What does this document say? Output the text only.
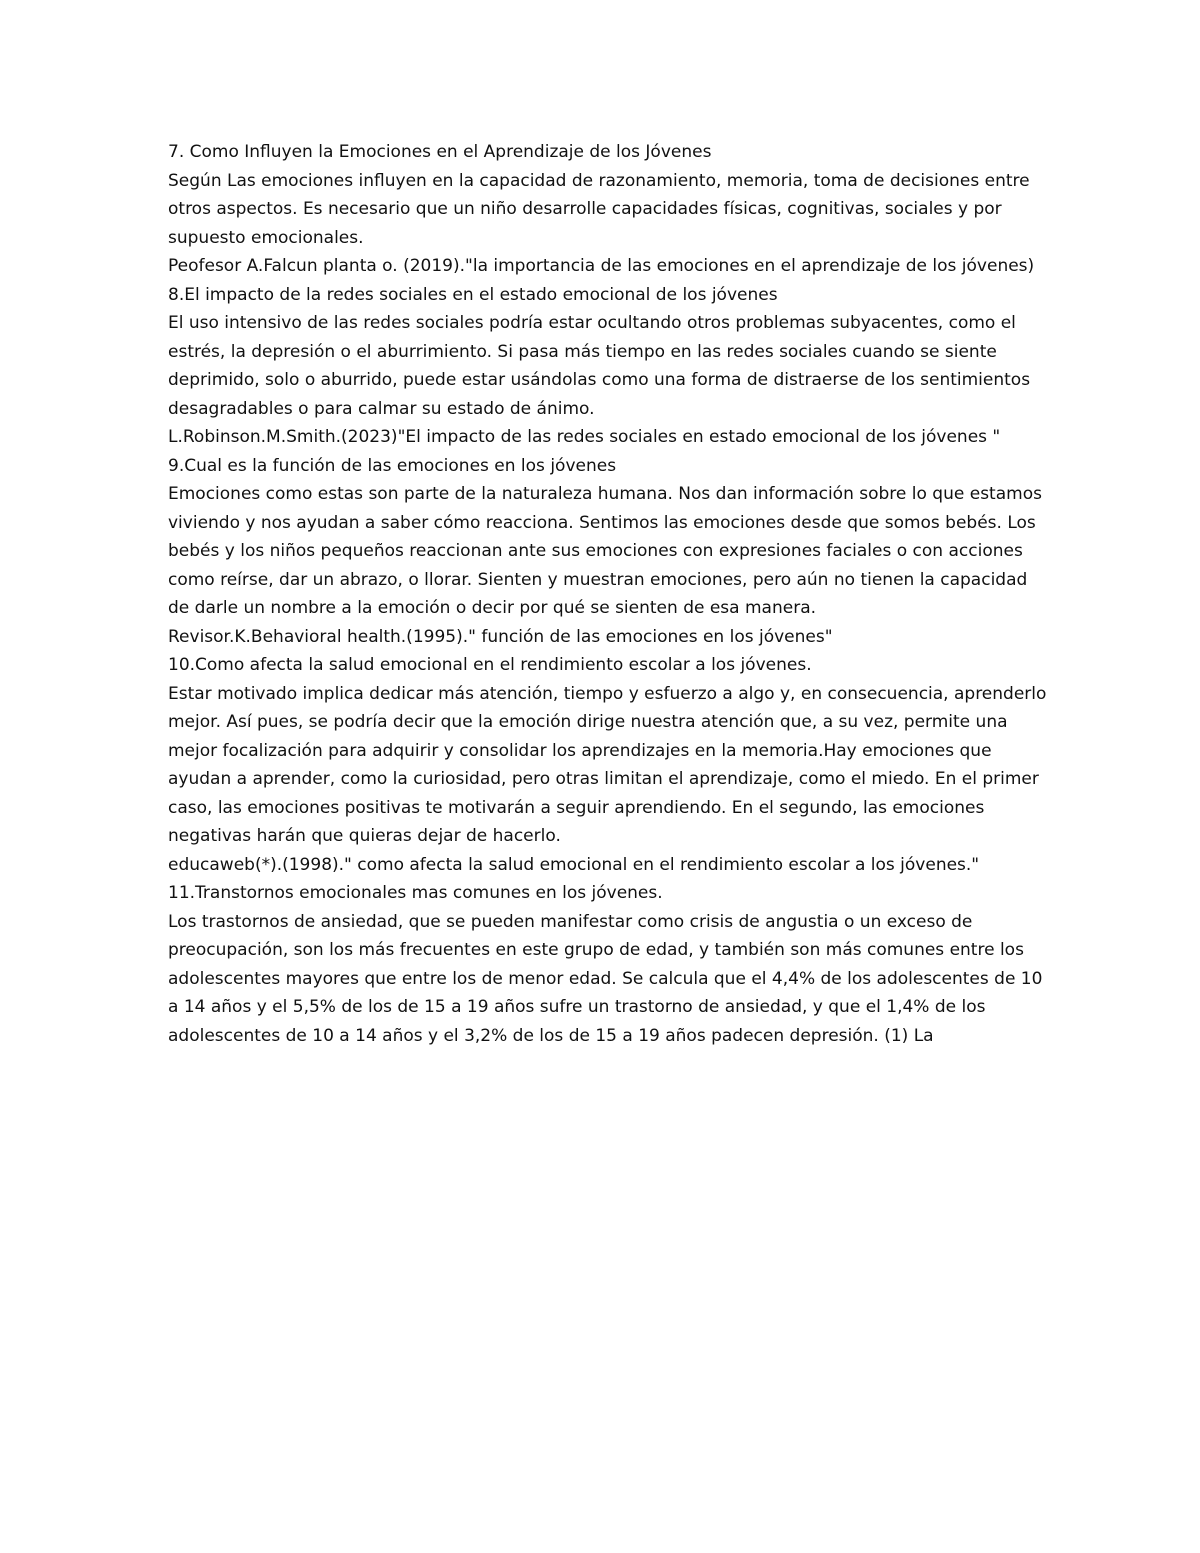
7. Como Influyen la Emociones en el Aprendizaje de los Jóvenes

Según Las emociones influyen en la capacidad de razonamiento, memoria, toma de decisiones entre otros aspectos. Es necesario que un niño desarrolle capacidades físicas, cognitivas, sociales y por supuesto emocionales.

Peofesor A.Falcun planta o. (2019)."la importancia de las emociones en el aprendizaje de los jóvenes)

8.El impacto de la redes sociales en el estado emocional de los jóvenes

El uso intensivo de las redes sociales podría estar ocultando otros problemas subyacentes, como el estrés, la depresión o el aburrimiento. Si pasa más tiempo en las redes sociales cuando se siente deprimido, solo o aburrido, puede estar usándolas como una forma de distraerse de los sentimientos desagradables o para calmar su estado de ánimo.

L.Robinson.M.Smith.(2023)"El impacto de las redes sociales en estado emocional de los jóvenes "

9.Cual es la función de las emociones en los jóvenes

Emociones como estas son parte de la naturaleza humana. Nos dan información sobre lo que estamos viviendo y nos ayudan a saber cómo reacciona. Sentimos las emociones desde que somos bebés. Los bebés y los niños pequeños reaccionan ante sus emociones con expresiones faciales o con acciones como reírse, dar un abrazo, o llorar. Sienten y muestran emociones, pero aún no tienen la capacidad de darle un nombre a la emoción o decir por qué se sienten de esa manera.

Revisor.K.Behavioral health.(1995)." función de las emociones en los jóvenes"

10.Como afecta la salud emocional en el rendimiento escolar a los jóvenes.

Estar motivado implica dedicar más atención, tiempo y esfuerzo a algo y, en consecuencia, aprenderlo mejor. Así pues, se podría decir que la emoción dirige nuestra atención que, a su vez, permite una mejor focalización para adquirir y consolidar los aprendizajes en la memoria.Hay emociones que ayudan a aprender, como la curiosidad, pero otras limitan el aprendizaje, como el miedo. En el primer caso, las emociones positivas te motivarán a seguir aprendiendo. En el segundo, las emociones negativas harán que quieras dejar de hacerlo.

educaweb(*).(1998)." como afecta la salud emocional en el rendimiento escolar a los jóvenes."

11.Transtornos emocionales mas comunes en los jóvenes.

Los trastornos de ansiedad, que se pueden manifestar como crisis de angustia o un exceso de preocupación, son los más frecuentes en este grupo de edad, y también son más comunes entre los adolescentes mayores que entre los de menor edad. Se calcula que el 4,4% de los adolescentes de 10 a 14 años y el 5,5% de los de 15 a 19 años sufre un trastorno de ansiedad, y que el 1,4% de los adolescentes de 10 a 14 años y el 3,2% de los de 15 a 19 años padecen depresión. (1) La
